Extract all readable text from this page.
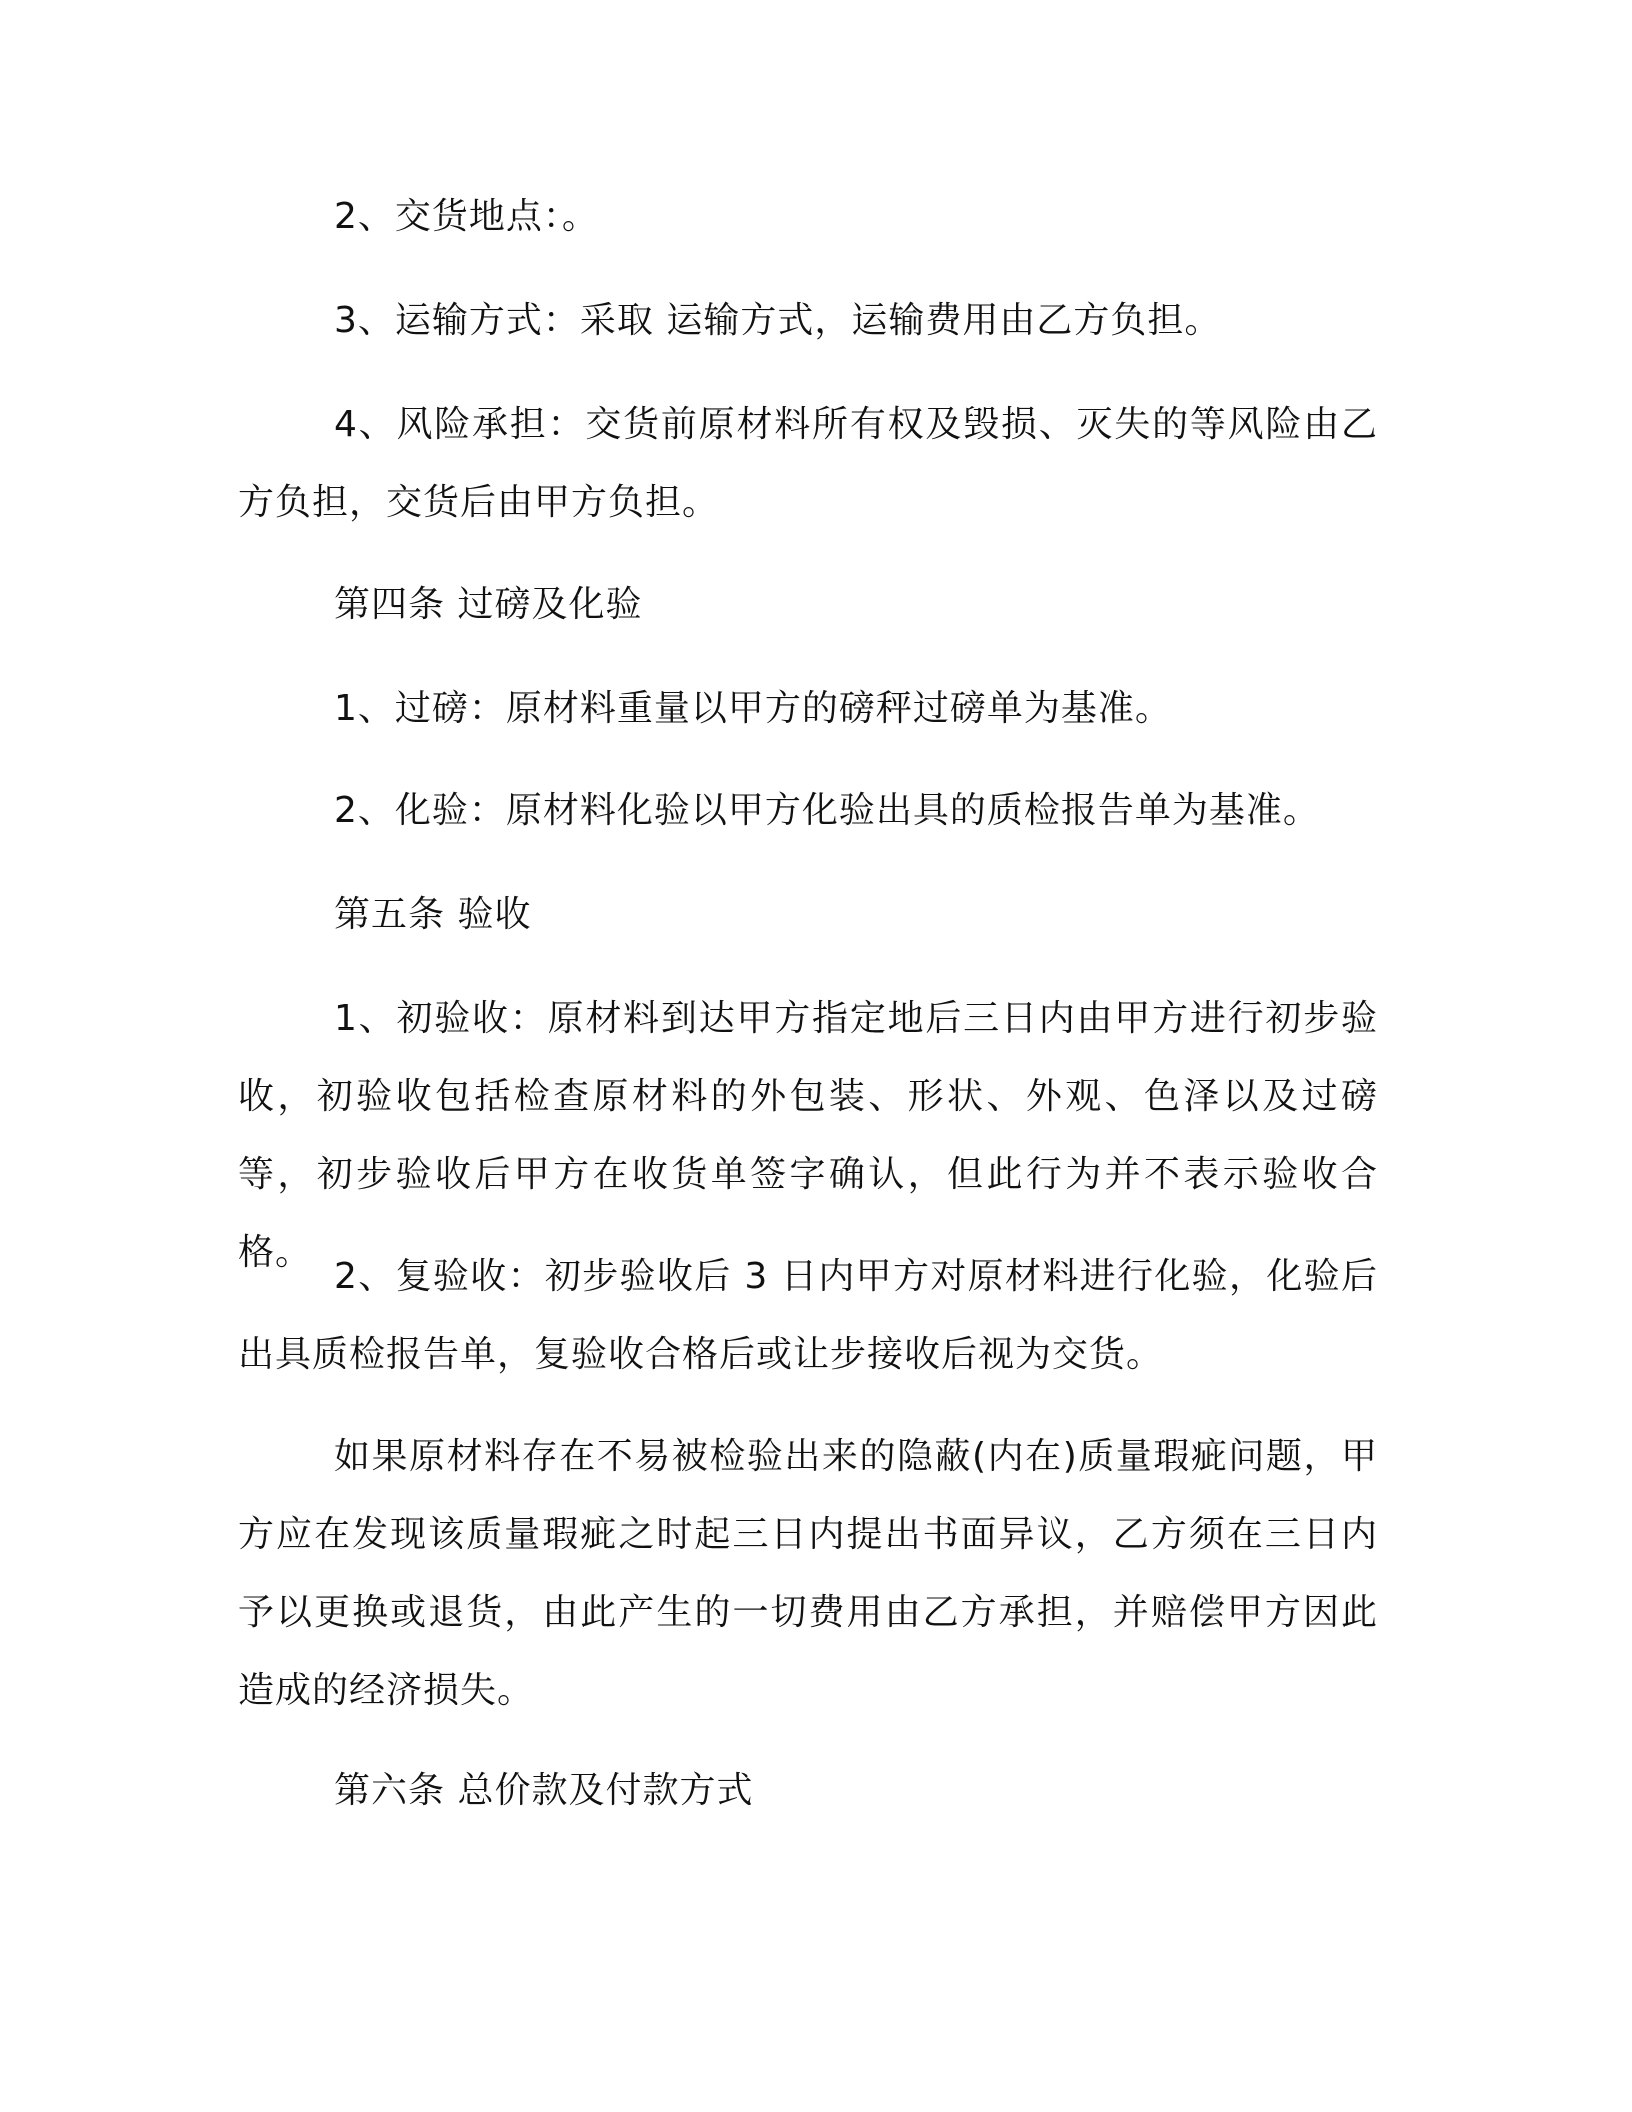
2、交货地点：。

3、运输方式：采取 运输方式，运输费用由乙方负担。

4、风险承担：交货前原材料所有权及毁损、灭失的等风险由乙方负担，交货后由甲方负担。

第四条 过磅及化验

1、过磅：原材料重量以甲方的磅秤过磅单为基准。

2、化验：原材料化验以甲方化验出具的质检报告单为基准。

第五条 验收

1、初验收：原材料到达甲方指定地后三日内由甲方进行初步验收，初验收包括检查原材料的外包装、形状、外观、色泽以及过磅等，初步验收后甲方在收货单签字确认，但此行为并不表示验收合格。

2、复验收：初步验收后 3 日内甲方对原材料进行化验，化验后出具质检报告单，复验收合格后或让步接收后视为交货。

如果原材料存在不易被检验出来的隐蔽(内在)质量瑕疵问题，甲方应在发现该质量瑕疵之时起三日内提出书面异议，乙方须在三日内予以更换或退货，由此产生的一切费用由乙方承担，并赔偿甲方因此造成的经济损失。

第六条 总价款及付款方式
